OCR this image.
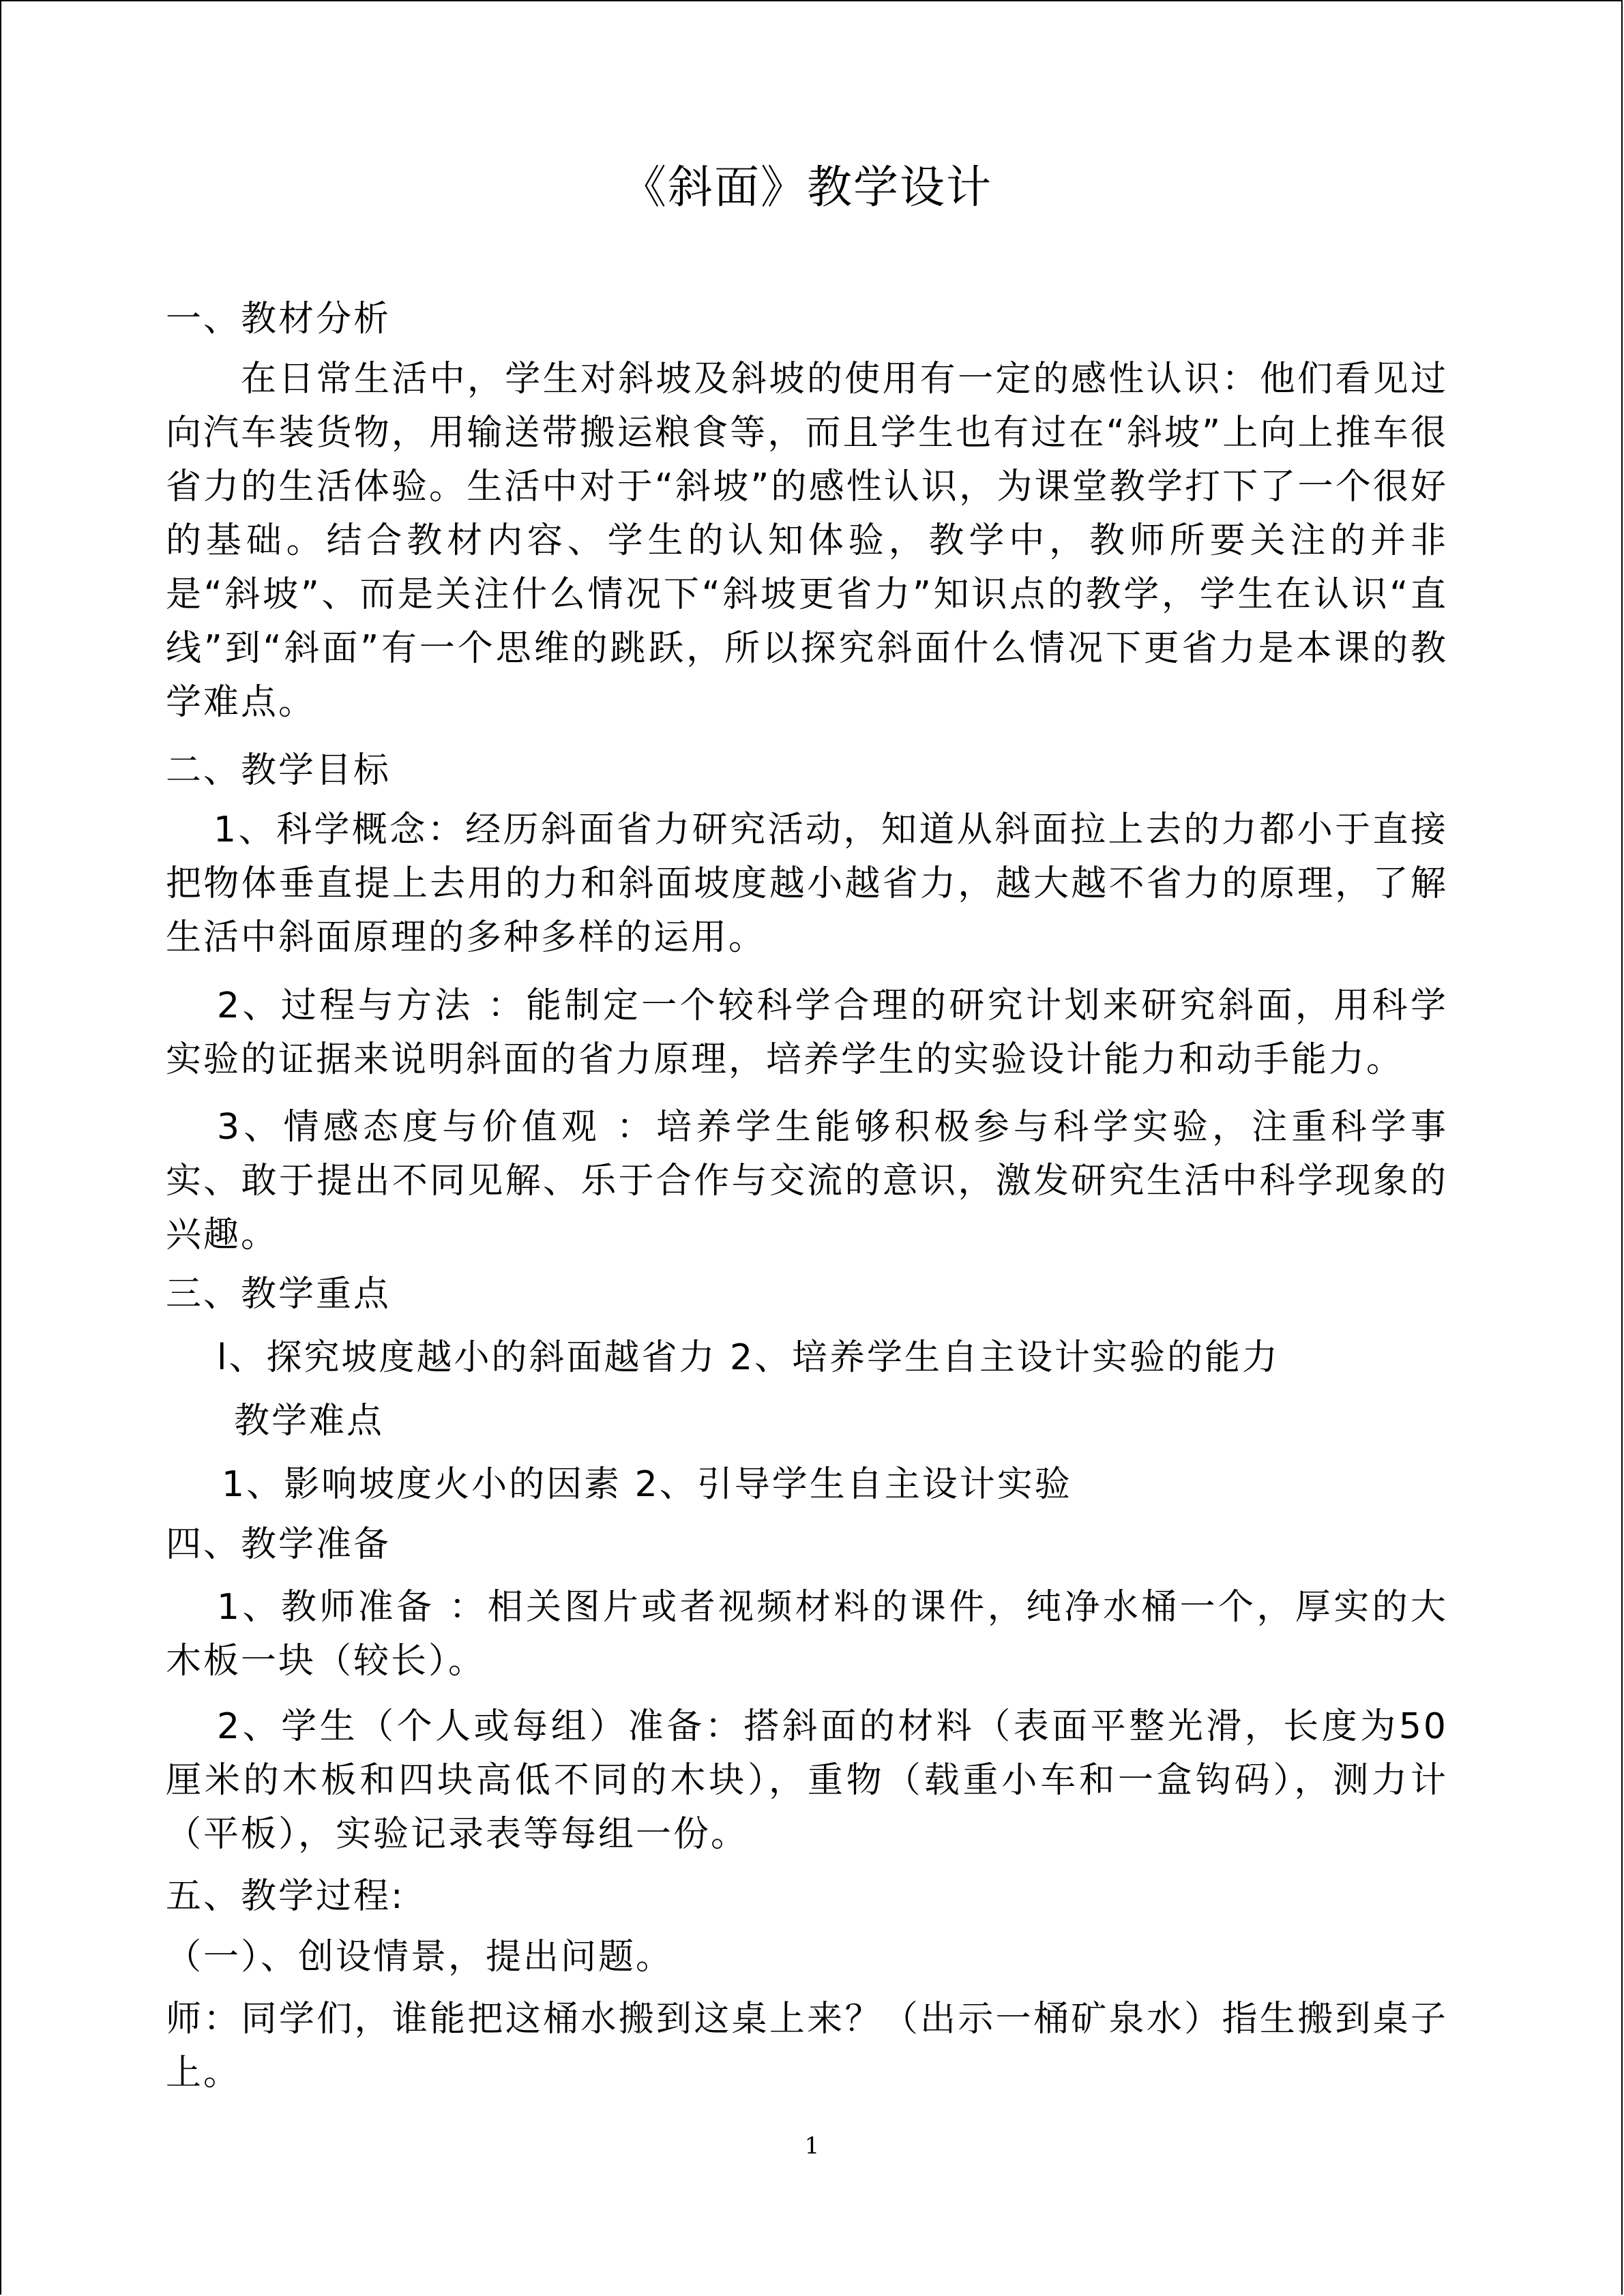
《斜面》教学设计
一、教材分析
在日常生活中，学生对斜坡及斜坡的使用有一定的感性认识：他们看见过向汽车装货物，用输送带搬运粮食等，而且学生也有过在“斜坡”上向上推车很省力的生活体验。生活中对于“斜坡”的感性认识，为课堂教学打下了一个很好的基础。结合教材内容、学生的认知体验，教学中，教师所要关注的并非是“斜坡”、而是关注什么情况下“斜坡更省力”知识点的教学，学生在认识“直线”到“斜面”有一个思维的跳跃，所以探究斜面什么情况下更省力是本课的教学难点。
二、教学目标
1、科学概念：经历斜面省力研究活动，知道从斜面拉上去的力都小于直接把物体垂直提上去用的力和斜面坡度越小越省力，越大越不省力的原理，了解生活中斜面原理的多种多样的运用。
2、过程与方法 ：能制定一个较科学合理的研究计划来研究斜面，用科学实验的证据来说明斜面的省力原理，培养学生的实验设计能力和动手能力。
3、情感态度与价值观 ：培养学生能够积极参与科学实验，注重科学事实、敢于提出不同见解、乐于合作与交流的意识，激发研究生活中科学现象的兴趣。
三、教学重点
l、探究坡度越小的斜面越省力 2、培养学生自主设计实验的能力
教学难点
1、影响坡度火小的因素 2、引导学生自主设计实验
四、教学准备
1、教师准备 ：相关图片或者视频材料的课件，纯净水桶一个，厚实的大木板一块（较长）。
2、学生（个人或每组）准备：搭斜面的材料（表面平整光滑，长度为50厘米的木板和四块高低不同的木块），重物（载重小车和一盒钩码），测力计（平板），实验记录表等每组一份。
五、教学过程:
（一）、创设情景，提出问题。
师：同学们，谁能把这桶水搬到这桌上来？（出示一桶矿泉水）指生搬到桌子上。
1
